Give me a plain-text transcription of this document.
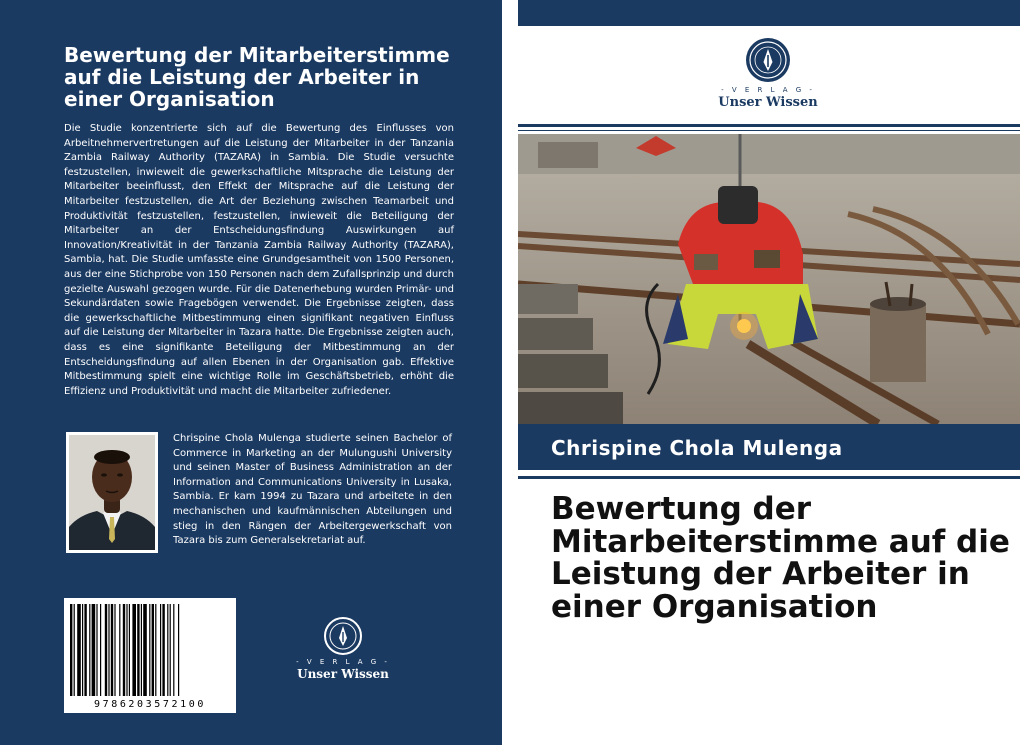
Bewertung der Mitarbeiterstimme auf die Leistung der Arbeiter in einer Organisation

Die Studie konzentrierte sich auf die Bewertung des Einflusses von Arbeitnehmervertretungen auf die Leistung der Mitarbeiter in der Tanzania Zambia Railway Authority (TAZARA) in Sambia. Die Studie versuchte festzustellen, inwieweit die gewerkschaftliche Mitsprache die Leistung der Mitarbeiter beeinflusst, den Effekt der Mitsprache auf die Leistung der Mitarbeiter festzustellen, die Art der Beziehung zwischen Teamarbeit und Produktivität festzustellen, festzustellen, inwieweit die Beteiligung der Mitarbeiter an der Entscheidungsfindung Auswirkungen auf Innovation/Kreativität in der Tanzania Zambia Railway Authority (TAZARA), Sambia, hat. Die Studie umfasste eine Grundgesamtheit von 1500 Personen, aus der eine Stichprobe von 150 Personen nach dem Zufallsprinzip und durch gezielte Auswahl gezogen wurde. Für die Datenerhebung wurden Primär- und Sekundärdaten sowie Fragebögen verwendet. Die Ergebnisse zeigten, dass die gewerkschaftliche Mitbestimmung einen signifikant negativen Einfluss auf die Leistung der Mitarbeiter in Tazara hatte. Die Ergebnisse zeigten auch, dass es eine signifikante Beteiligung der Mitbestimmung an der Entscheidungsfindung auf allen Ebenen in der Organisation gab. Effektive Mitbestimmung spielt eine wichtige Rolle im Geschäftsbetrieb, erhöht die Effizienz und Produktivität und macht die Mitarbeiter zufriedener.

Chrispine Chola Mulenga studierte seinen Bachelor of Commerce in Marketing an der Mulungushi University und seinen Master of Business Administration an der Information and Communications University in Lusaka, Sambia. Er kam 1994 zu Tazara und arbeitete in den mechanischen und kaufmännischen Abteilungen und stieg in den Rängen der Arbeitergewerkschaft von Tazara bis zum Generalsekretariat auf.

9786203572100
- V E R L A G -
Unser Wissen
- V E R L A G -
Unser Wissen
Chrispine Chola Mulenga
Bewertung der Mitarbeiterstimme auf die Leistung der Arbeiter in einer Organisation
